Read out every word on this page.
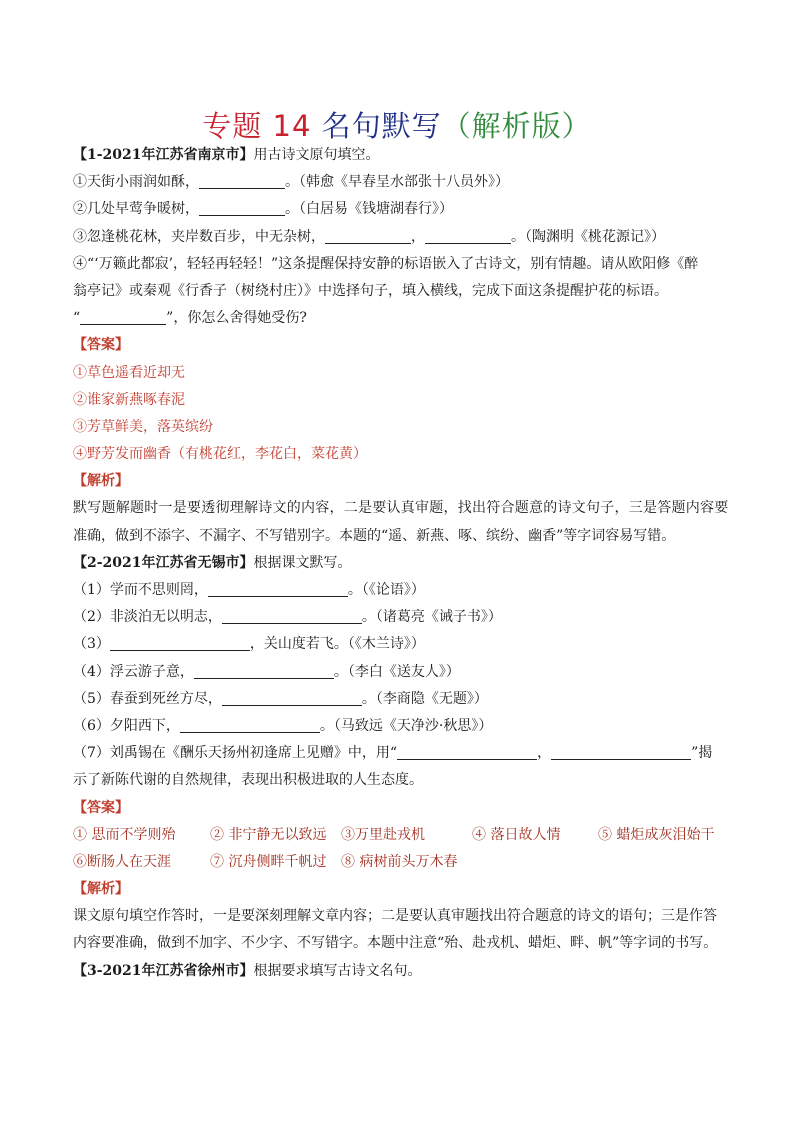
专题 14 名句默写（解析版）
【1-2021年江苏省南京市】用古诗文原句填空。
①天街小雨润如酥，	。（韩愈《早春呈水部张十八员外》）
②几处早莺争暖树，	。（白居易《钱塘湖春行》）
③忽逢桃花林，夹岸数百步，中无杂树，	，	。（陶渊明《桃花源记》）
④“‘万籁此都寂’，轻轻再轻轻！”这条提醒保持安静的标语嵌入了古诗文，别有情趣。请从欧阳修《醉
翁亭记》或秦观《行香子（树绕村庄）》中选择句子，填入横线，完成下面这条提醒护花的标语。
“	”，你怎么舍得她受伤?
【答案】
①草色遥看近却无
②谁家新燕啄春泥
③芳草鲜美，落英缤纷
④野芳发而幽香（有桃花红，李花白，菜花黄）
【解析】
默写题解题时一是要透彻理解诗文的内容，二是要认真审题，找出符合题意的诗文句子，三是答题内容要
准确，做到不添字、不漏字、不写错别字。本题的“遥、新燕、啄、缤纷、幽香”等字词容易写错。
【2-2021年江苏省无锡市】根据课文默写。
（1）学而不思则罔，	。（《论语》）
（2）非淡泊无以明志，	。（诸葛亮《诫子书》）
（3）	，关山度若飞。（《木兰诗》）
（4）浮云游子意，	。（李白《送友人》）
（5）春蚕到死丝方尽，	。（李商隐《无题》）
（6）夕阳西下，	。（马致远《天净沙·秋思》）
（7）刘禹锡在《酬乐天扬州初逢席上见赠》中，用“	，	”揭
示了新陈代谢的自然规律，表现出积极进取的人生态度。
【答案】
① 思而不学则殆 ② 非宁静无以致远 ③万里赴戎机	④ 落日故人情	⑤ 蜡炬成灰泪始干
⑥断肠人在天涯	⑦ 沉舟侧畔千帆过 ⑧ 病树前头万木春
【解析】
课文原句填空作答时，一是要深刻理解文章内容；二是要认真审题找出符合题意的诗文的语句；三是作答
内容要准确，做到不加字、不少字、不写错字。本题中注意“殆、赴戎机、蜡炬、畔、帆”等字词的书写。
【3-2021年江苏省徐州市】根据要求填写古诗文名句。
